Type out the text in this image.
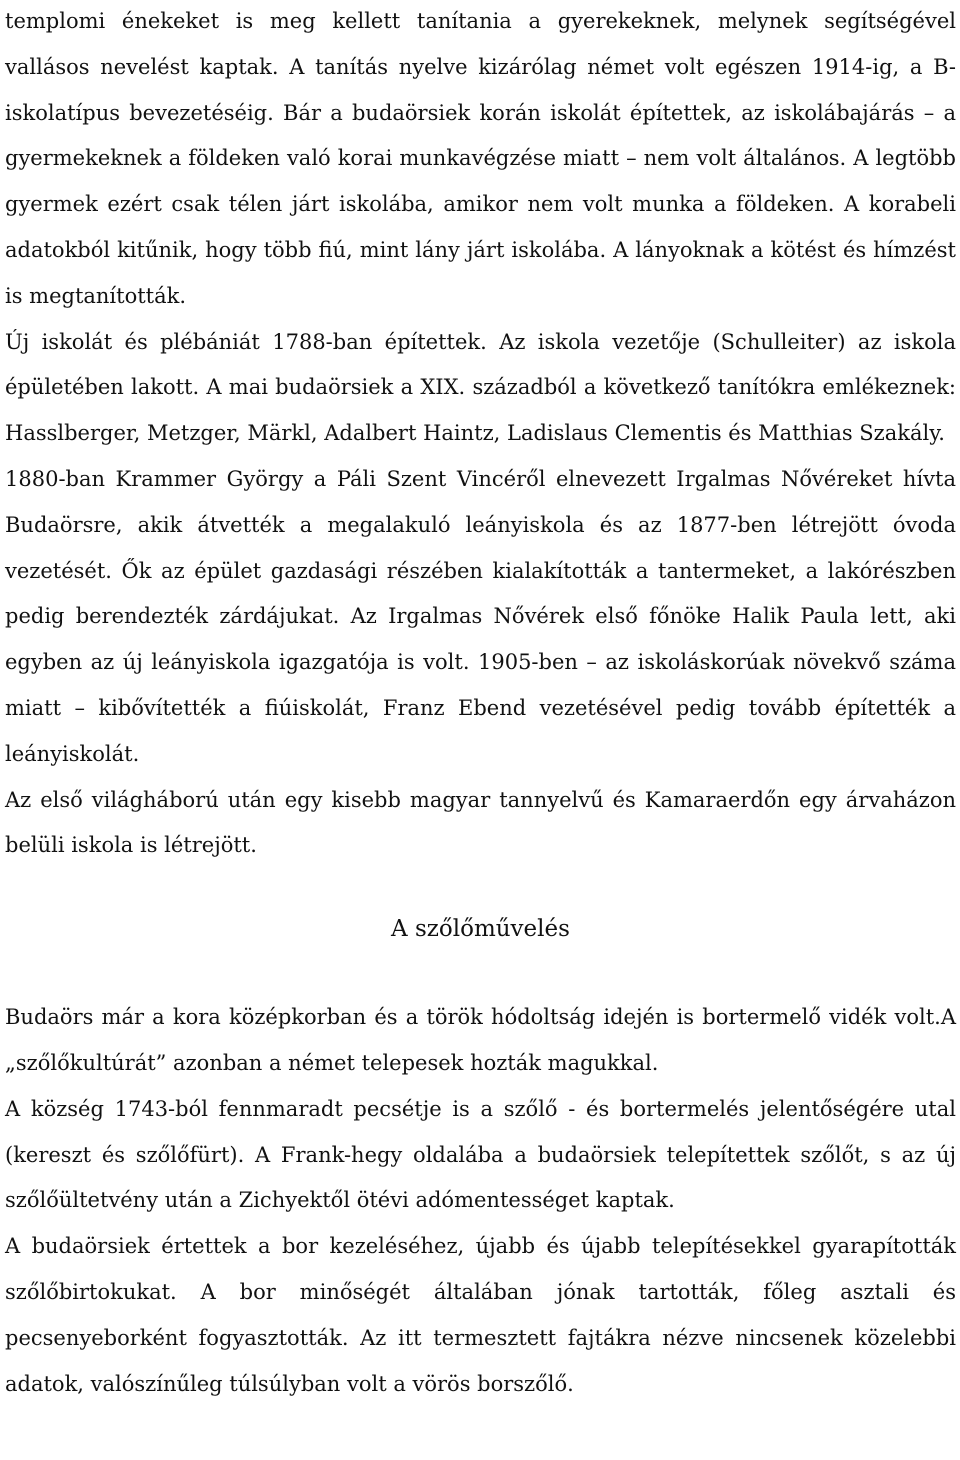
templomi énekeket is meg kellett tanítania a gyerekeknek, melynek segítségével vallásos nevelést kaptak. A tanítás nyelve kizárólag német volt egészen 1914-ig, a B- iskolatípus bevezetéséig. Bár a budaörsiek korán iskolát építettek, az iskolábajárás – a gyermekeknek a földeken való korai munkavégzése miatt – nem volt általános. A legtöbb gyermek ezért csak télen járt iskolába, amikor nem volt munka a földeken. A korabeli adatokból kitűnik, hogy több fiú, mint lány járt iskolába. A lányoknak a kötést és hímzést is megtanították.

Új iskolát és plébániát 1788-ban építettek. Az iskola vezetője (Schulleiter) az iskola épületében lakott. A mai budaörsiek a XIX. századból a következő tanítókra emlékeznek: Hasslberger, Metzger, Märkl, Adalbert Haintz, Ladislaus Clementis és Matthias Szakály.

1880-ban Krammer György a Páli Szent Vincéről elnevezett Irgalmas Nővéreket hívta Budaörsre, akik átvették a megalakuló leányiskola és az 1877-ben létrejött óvoda vezetését. Ők az épület gazdasági részében kialakították a tantermeket, a lakórészben pedig berendezték zárdájukat. Az Irgalmas Nővérek első főnöke Halik Paula lett, aki egyben az új leányiskola igazgatója is volt. 1905-ben – az iskoláskorúak növekvő száma miatt – kibővítették a fiúiskolát, Franz Ebend vezetésével pedig tovább építették a leányiskolát.

Az első világháború után egy kisebb magyar tannyelvű és Kamaraerdőn egy árvaházon belüli iskola is létrejött.

A szőlőművelés

Budaörs már a kora középkorban és a török hódoltság idején is bortermelő vidék volt.A „szőlőkultúrát” azonban a német telepesek hozták magukkal.

A község 1743-ból fennmaradt pecsétje is a szőlő - és bortermelés jelentőségére utal (kereszt és szőlőfürt). A Frank-hegy oldalába a budaörsiek telepítettek szőlőt, s az új szőlőültetvény után a Zichyektől ötévi adómentességet kaptak.

A budaörsiek értettek a bor kezeléséhez, újabb és újabb telepítésekkel gyarapították szőlőbirtokukat. A bor minőségét általában jónak tartották, főleg asztali és pecsenyeborként fogyasztották. Az itt termesztett fajtákra nézve nincsenek közelebbi adatok, valószínűleg túlsúlyban volt a vörös borszőlő.
